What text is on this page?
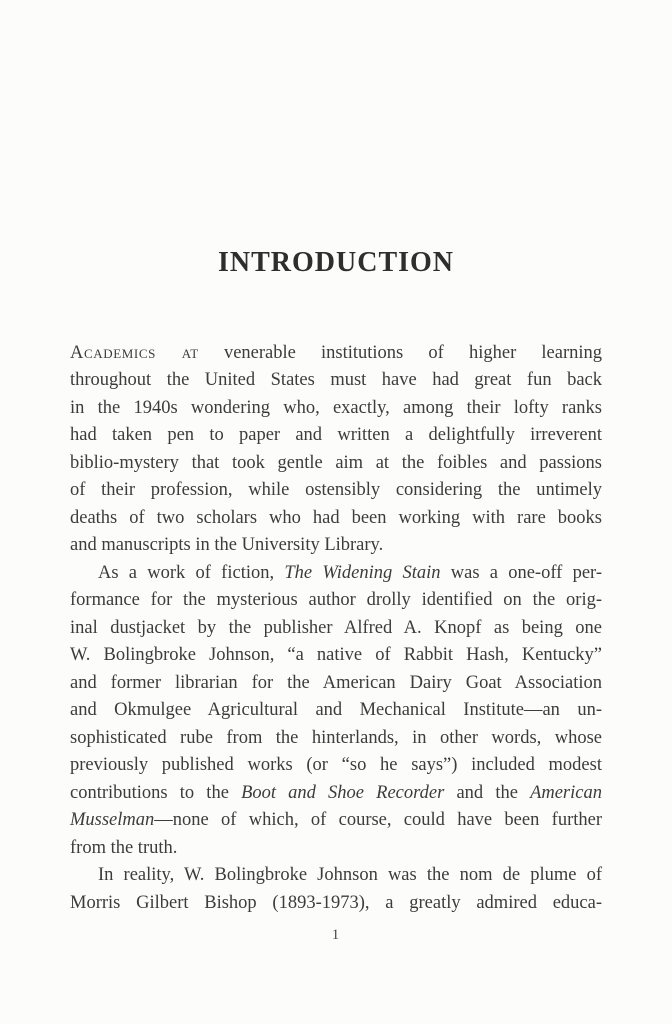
INTRODUCTION
Academics at venerable institutions of higher learning
throughout the United States must have had great fun back
in the 1940s wondering who, exactly, among their lofty ranks
had taken pen to paper and written a delightfully irreverent
biblio-mystery that took gentle aim at the foibles and passions
of their profession, while ostensibly considering the untimely
deaths of two scholars who had been working with rare books
and manuscripts in the University Library.
As a work of fiction, The Widening Stain was a one-off per-
formance for the mysterious author drolly identified on the orig-
inal dustjacket by the publisher Alfred A. Knopf as being one
W. Bolingbroke Johnson, “a native of Rabbit Hash, Kentucky”
and former librarian for the American Dairy Goat Association
and Okmulgee Agricultural and Mechanical Institute—an un-
sophisticated rube from the hinterlands, in other words, whose
previously published works (or “so he says”) included modest
contributions to the Boot and Shoe Recorder and the American
Musselman—none of which, of course, could have been further
from the truth.
In reality, W. Bolingbroke Johnson was the nom de plume of
Morris Gilbert Bishop (1893-1973), a greatly admired educa-
1
